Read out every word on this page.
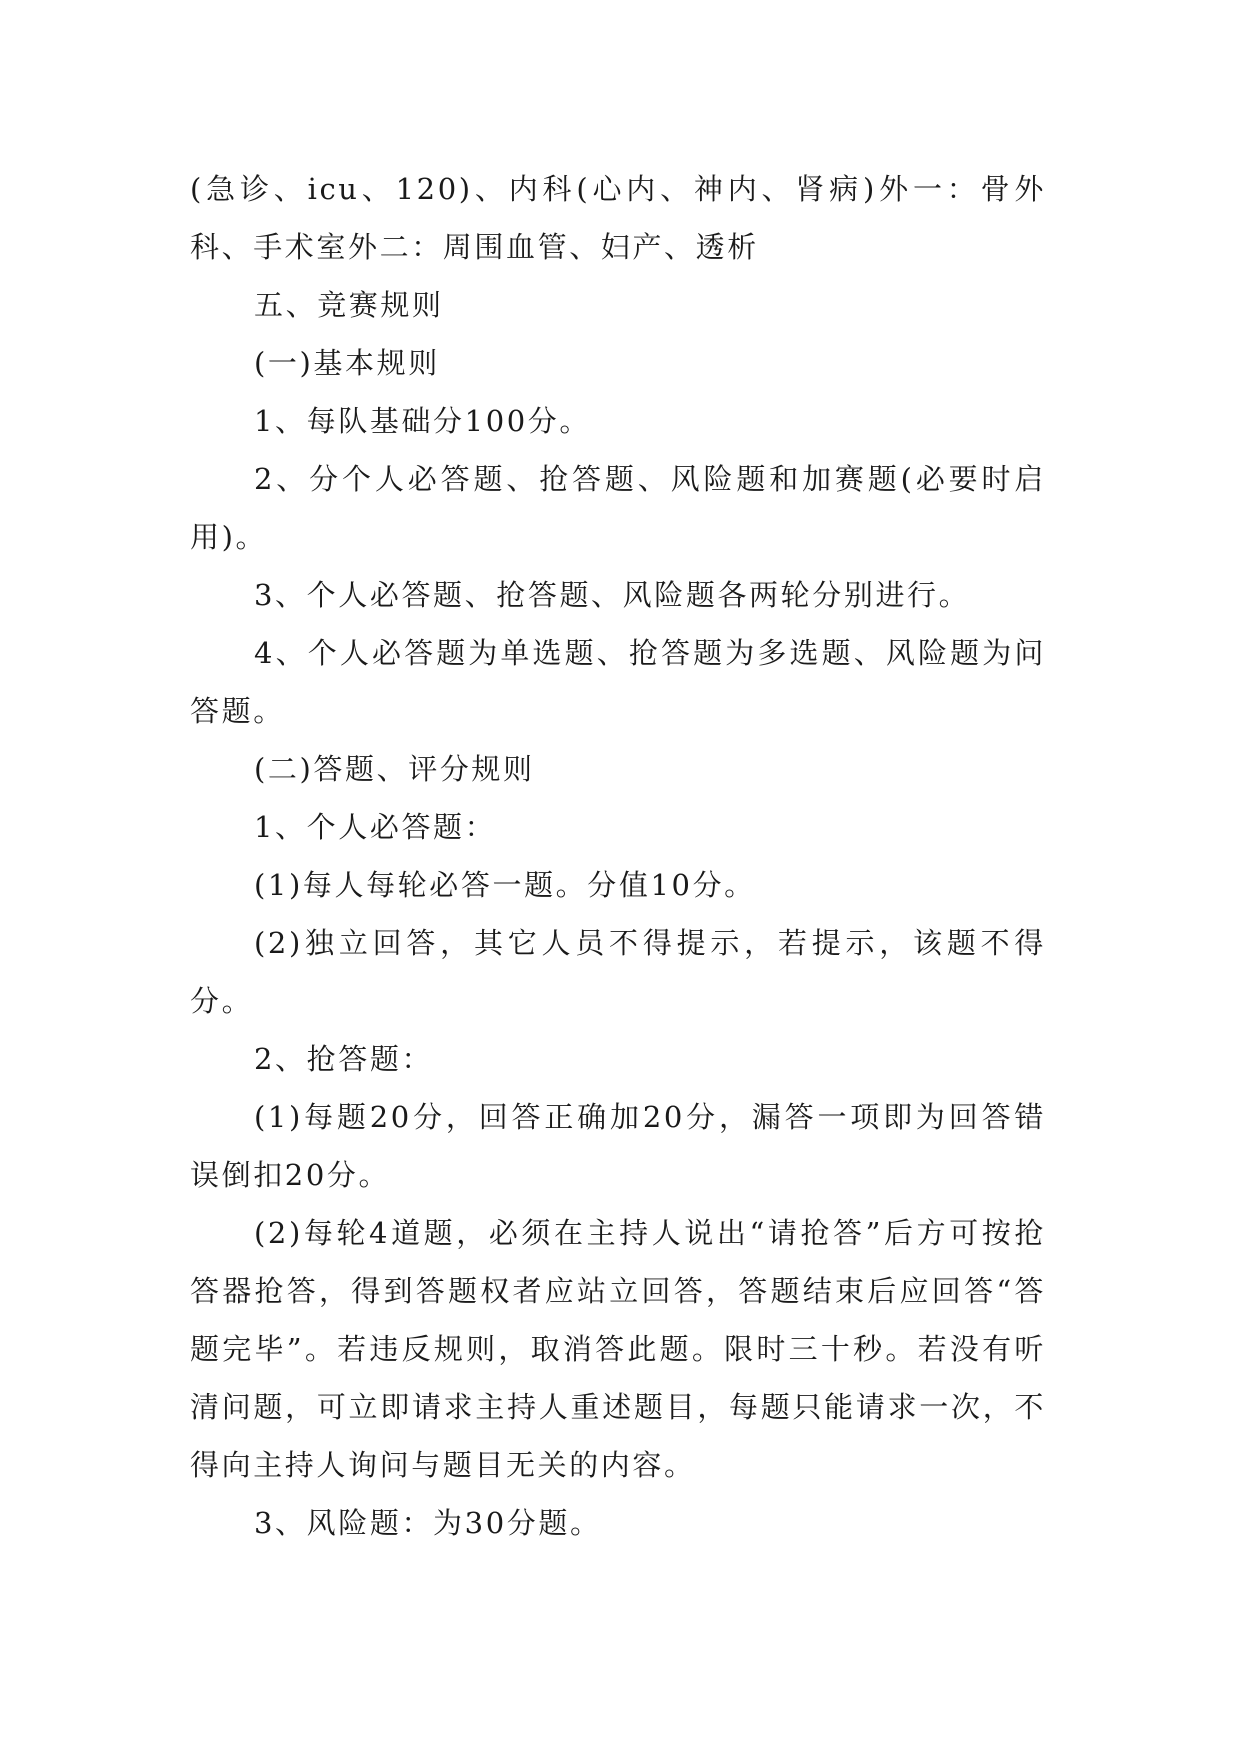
(急诊、icu、120)、内科(心内、神内、肾病)外一：骨外科、手术室外二：周围血管、妇产、透析

五、竞赛规则

(一)基本规则

1、每队基础分100分。

2、分个人必答题、抢答题、风险题和加赛题(必要时启用)。

3、个人必答题、抢答题、风险题各两轮分别进行。

4、个人必答题为单选题、抢答题为多选题、风险题为问答题。

(二)答题、评分规则

1、个人必答题：

(1)每人每轮必答一题。分值10分。

(2)独立回答，其它人员不得提示，若提示，该题不得分。

2、抢答题：

(1)每题20分，回答正确加20分，漏答一项即为回答错误倒扣20分。

(2)每轮4道题，必须在主持人说出“请抢答”后方可按抢答器抢答，得到答题权者应站立回答，答题结束后应回答“答题完毕”。若违反规则，取消答此题。限时三十秒。若没有听清问题，可立即请求主持人重述题目，每题只能请求一次，不得向主持人询问与题目无关的内容。

3、风险题：为30分题。
